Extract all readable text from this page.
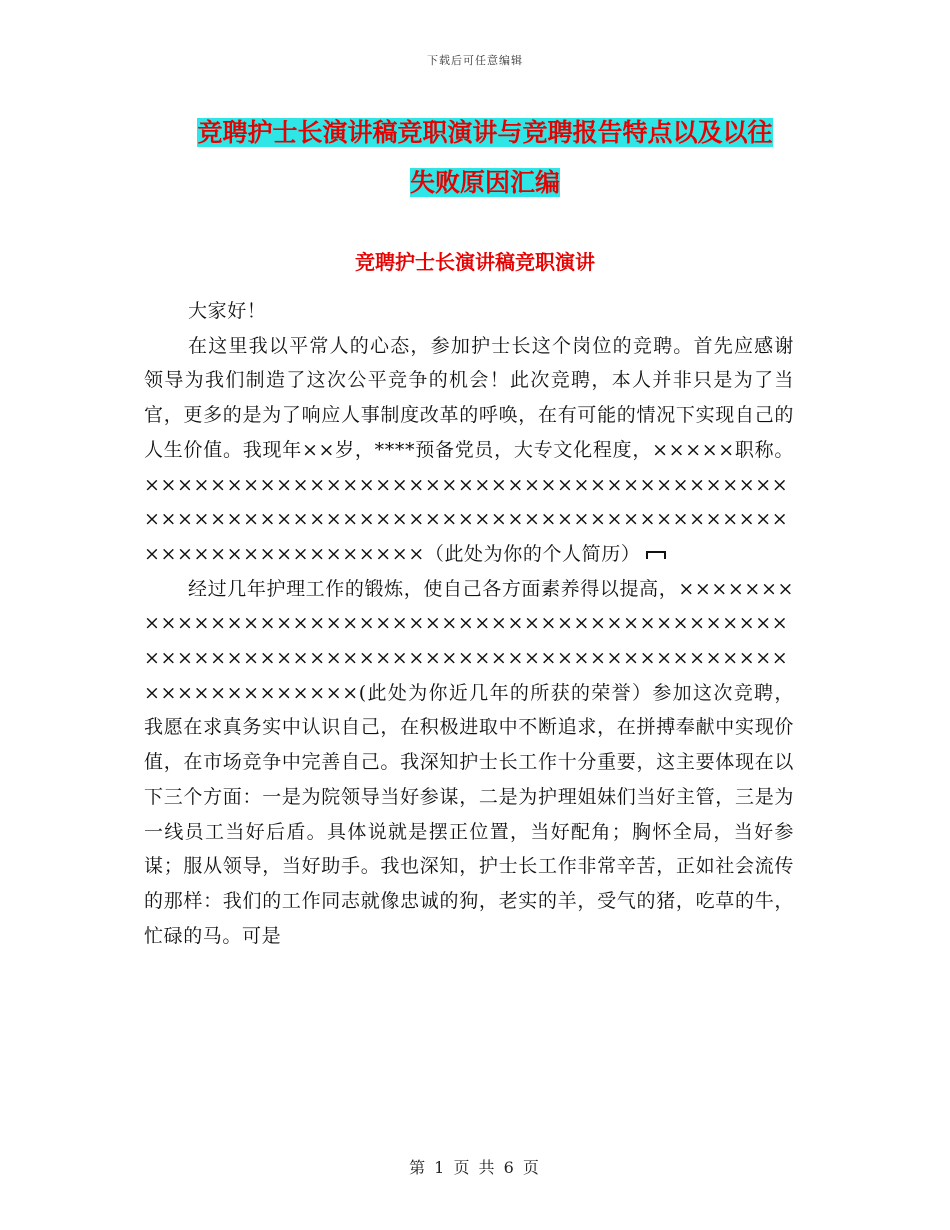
下载后可任意编辑
竞聘护士长演讲稿竞职演讲与竞聘报告特点以及以往
失败原因汇编
竞聘护士长演讲稿竞职演讲

大家好！

在这里我以平常人的心态，参加护士长这个岗位的竞聘。首先应感谢领导为我们制造了这次公平竞争的机会！此次竞聘，本人并非只是为了当官，更多的是为了响应人事制度改革的呼唤，在有可能的情况下实现自己的人生价值。我现年××岁，****预备党员，大专文化程度，×××××职称。×××××××××××××××××××××××××××××××××××××××××××××××××××××××××××××××××××××××××××××××××××××××××××××××（此处为你的个人简历）

经过几年护理工作的锻炼，使自己各方面素养得以提高，××××××××××××××××××××××××××××××××××××××××××××××××××××××××××××××××××××××××××××××××××××××××××××××××××(此处为你近几年的所获的荣誉）参加这次竞聘，我愿在求真务实中认识自己，在积极进取中不断追求，在拼搏奉献中实现价值，在市场竞争中完善自己。我深知护士长工作十分重要，这主要体现在以下三个方面：一是为院领导当好参谋，二是为护理姐妹们当好主管，三是为一线员工当好后盾。具体说就是摆正位置，当好配角；胸怀全局，当好参谋；服从领导，当好助手。我也深知，护士长工作非常辛苦，正如社会流传的那样：我们的工作同志就像忠诚的狗，老实的羊，受气的猪，吃草的牛，忙碌的马。可是

第 1 页 共 6 页
